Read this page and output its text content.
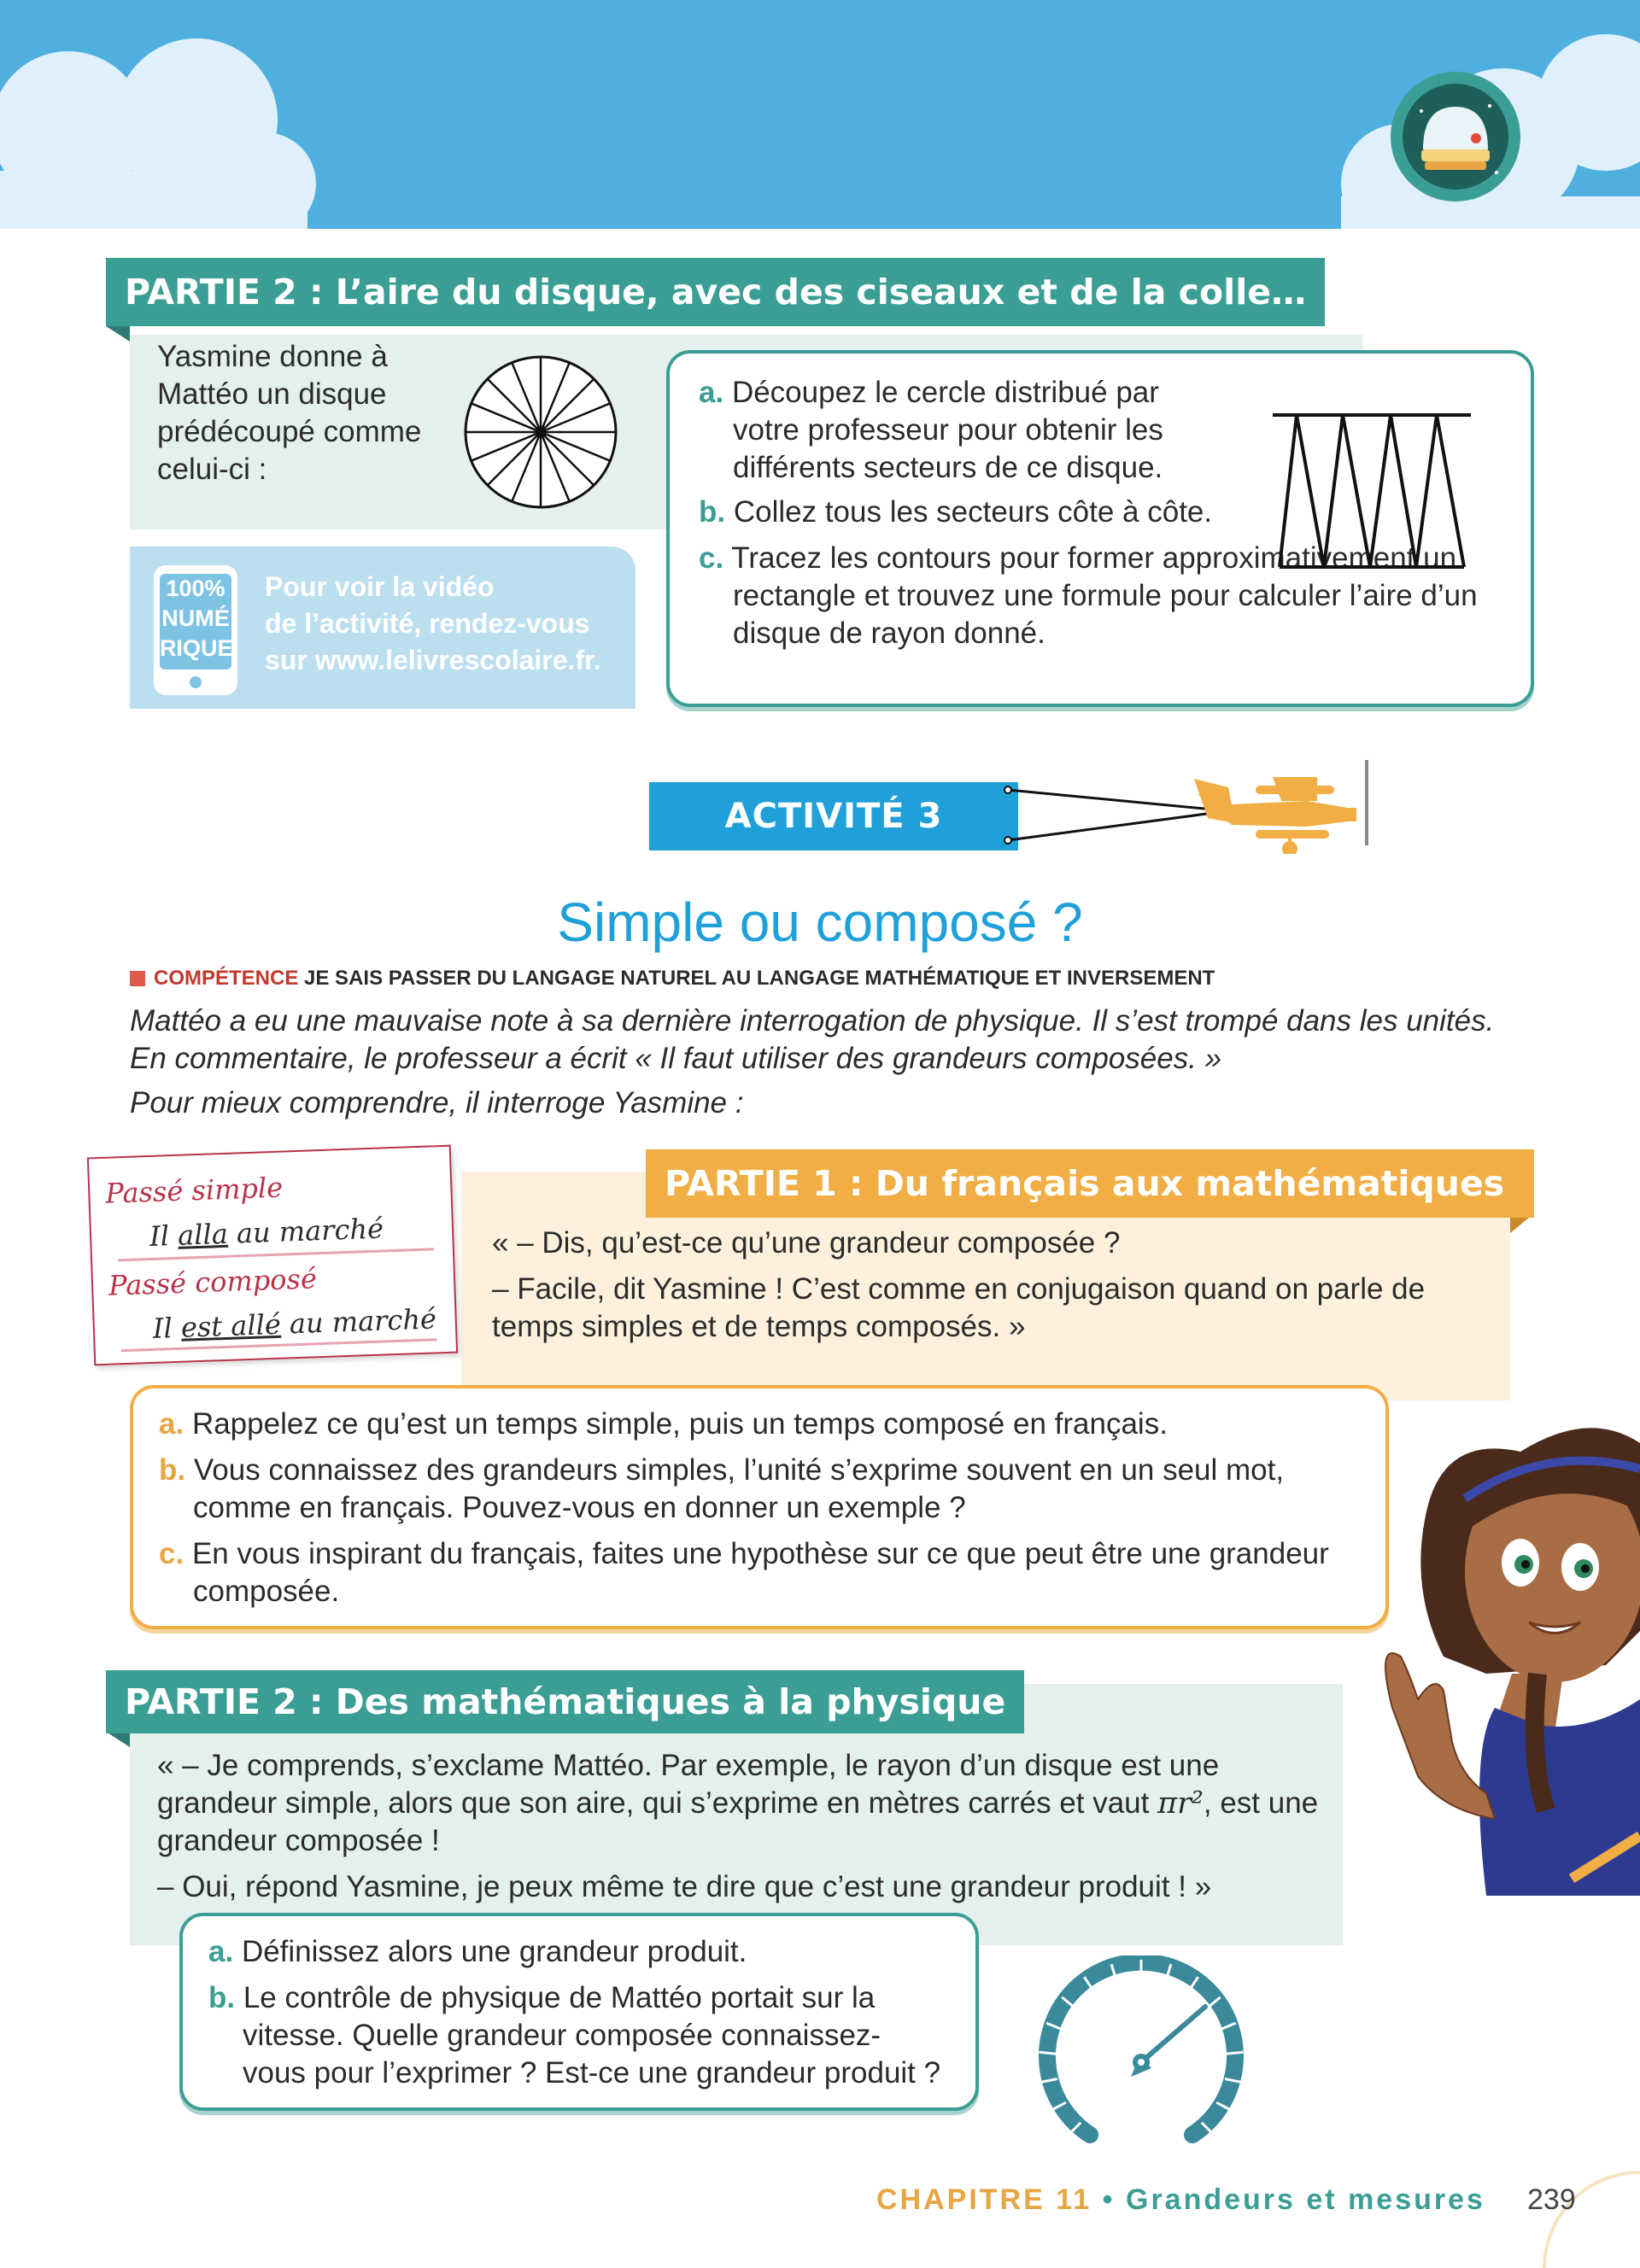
PARTIE 2 : L’aire du disque, avec des ciseaux et de la colle…

Yasmine donne à

Mattéo un disque

prédécoupé comme

celui-ci :

100%
NUMÉ
RIQUE
Pour voir la vidéo
de l’activité, rendez-vous
sur www.lelivrescolaire.fr.

a. Découpez le cercle distribué par votre professeur pour obtenir les différents secteurs de ce disque.

b. Collez tous les secteurs côte à côte.

c. Tracez les contours pour former approximativement un rectangle et trouvez une formule pour calculer l’aire d’un disque de rayon donné.

ACTIVITÉ 3
Simple ou composé ?
COMPÉTENCE JE SAIS PASSER DU LANGAGE NATUREL AU LANGAGE MATHÉMATIQUE ET INVERSEMENT

Mattéo a eu une mauvaise note à sa dernière interrogation de physique. Il s’est trompé dans les unités. En commentaire, le professeur a écrit « Il faut utiliser des grandeurs composées. »

Pour mieux comprendre, il interroge Yasmine :

PARTIE 1 : Du français aux mathématiques
Passé simple
Il alla au marché
Passé composé
Il est allé au marché

« – Dis, qu’est-ce qu’une grandeur composée ?

– Facile, dit Yasmine ! C’est comme en conjugaison quand on parle de temps simples et de temps composés. »

a. Rappelez ce qu’est un temps simple, puis un temps composé en français.

b. Vous connaissez des grandeurs simples, l’unité s’exprime souvent en un seul mot, comme en français. Pouvez-vous en donner un exemple ?

c. En vous inspirant du français, faites une hypothèse sur ce que peut être une grandeur composée.

PARTIE 2 : Des mathématiques à la physique

« – Je comprends, s’exclame Mattéo. Par exemple, le rayon d’un disque est une grandeur simple, alors que son aire, qui s’exprime en mètres carrés et vaut πr², est une grandeur composée !

– Oui, répond Yasmine, je peux même te dire que c’est une grandeur produit ! »

a. Définissez alors une grandeur produit.

b. Le contrôle de physique de Mattéo portait sur la vitesse. Quelle grandeur composée connaissez-vous pour l’exprimer ? Est-ce une grandeur produit ?

CHAPITRE 11 • Grandeurs et mesures 239
